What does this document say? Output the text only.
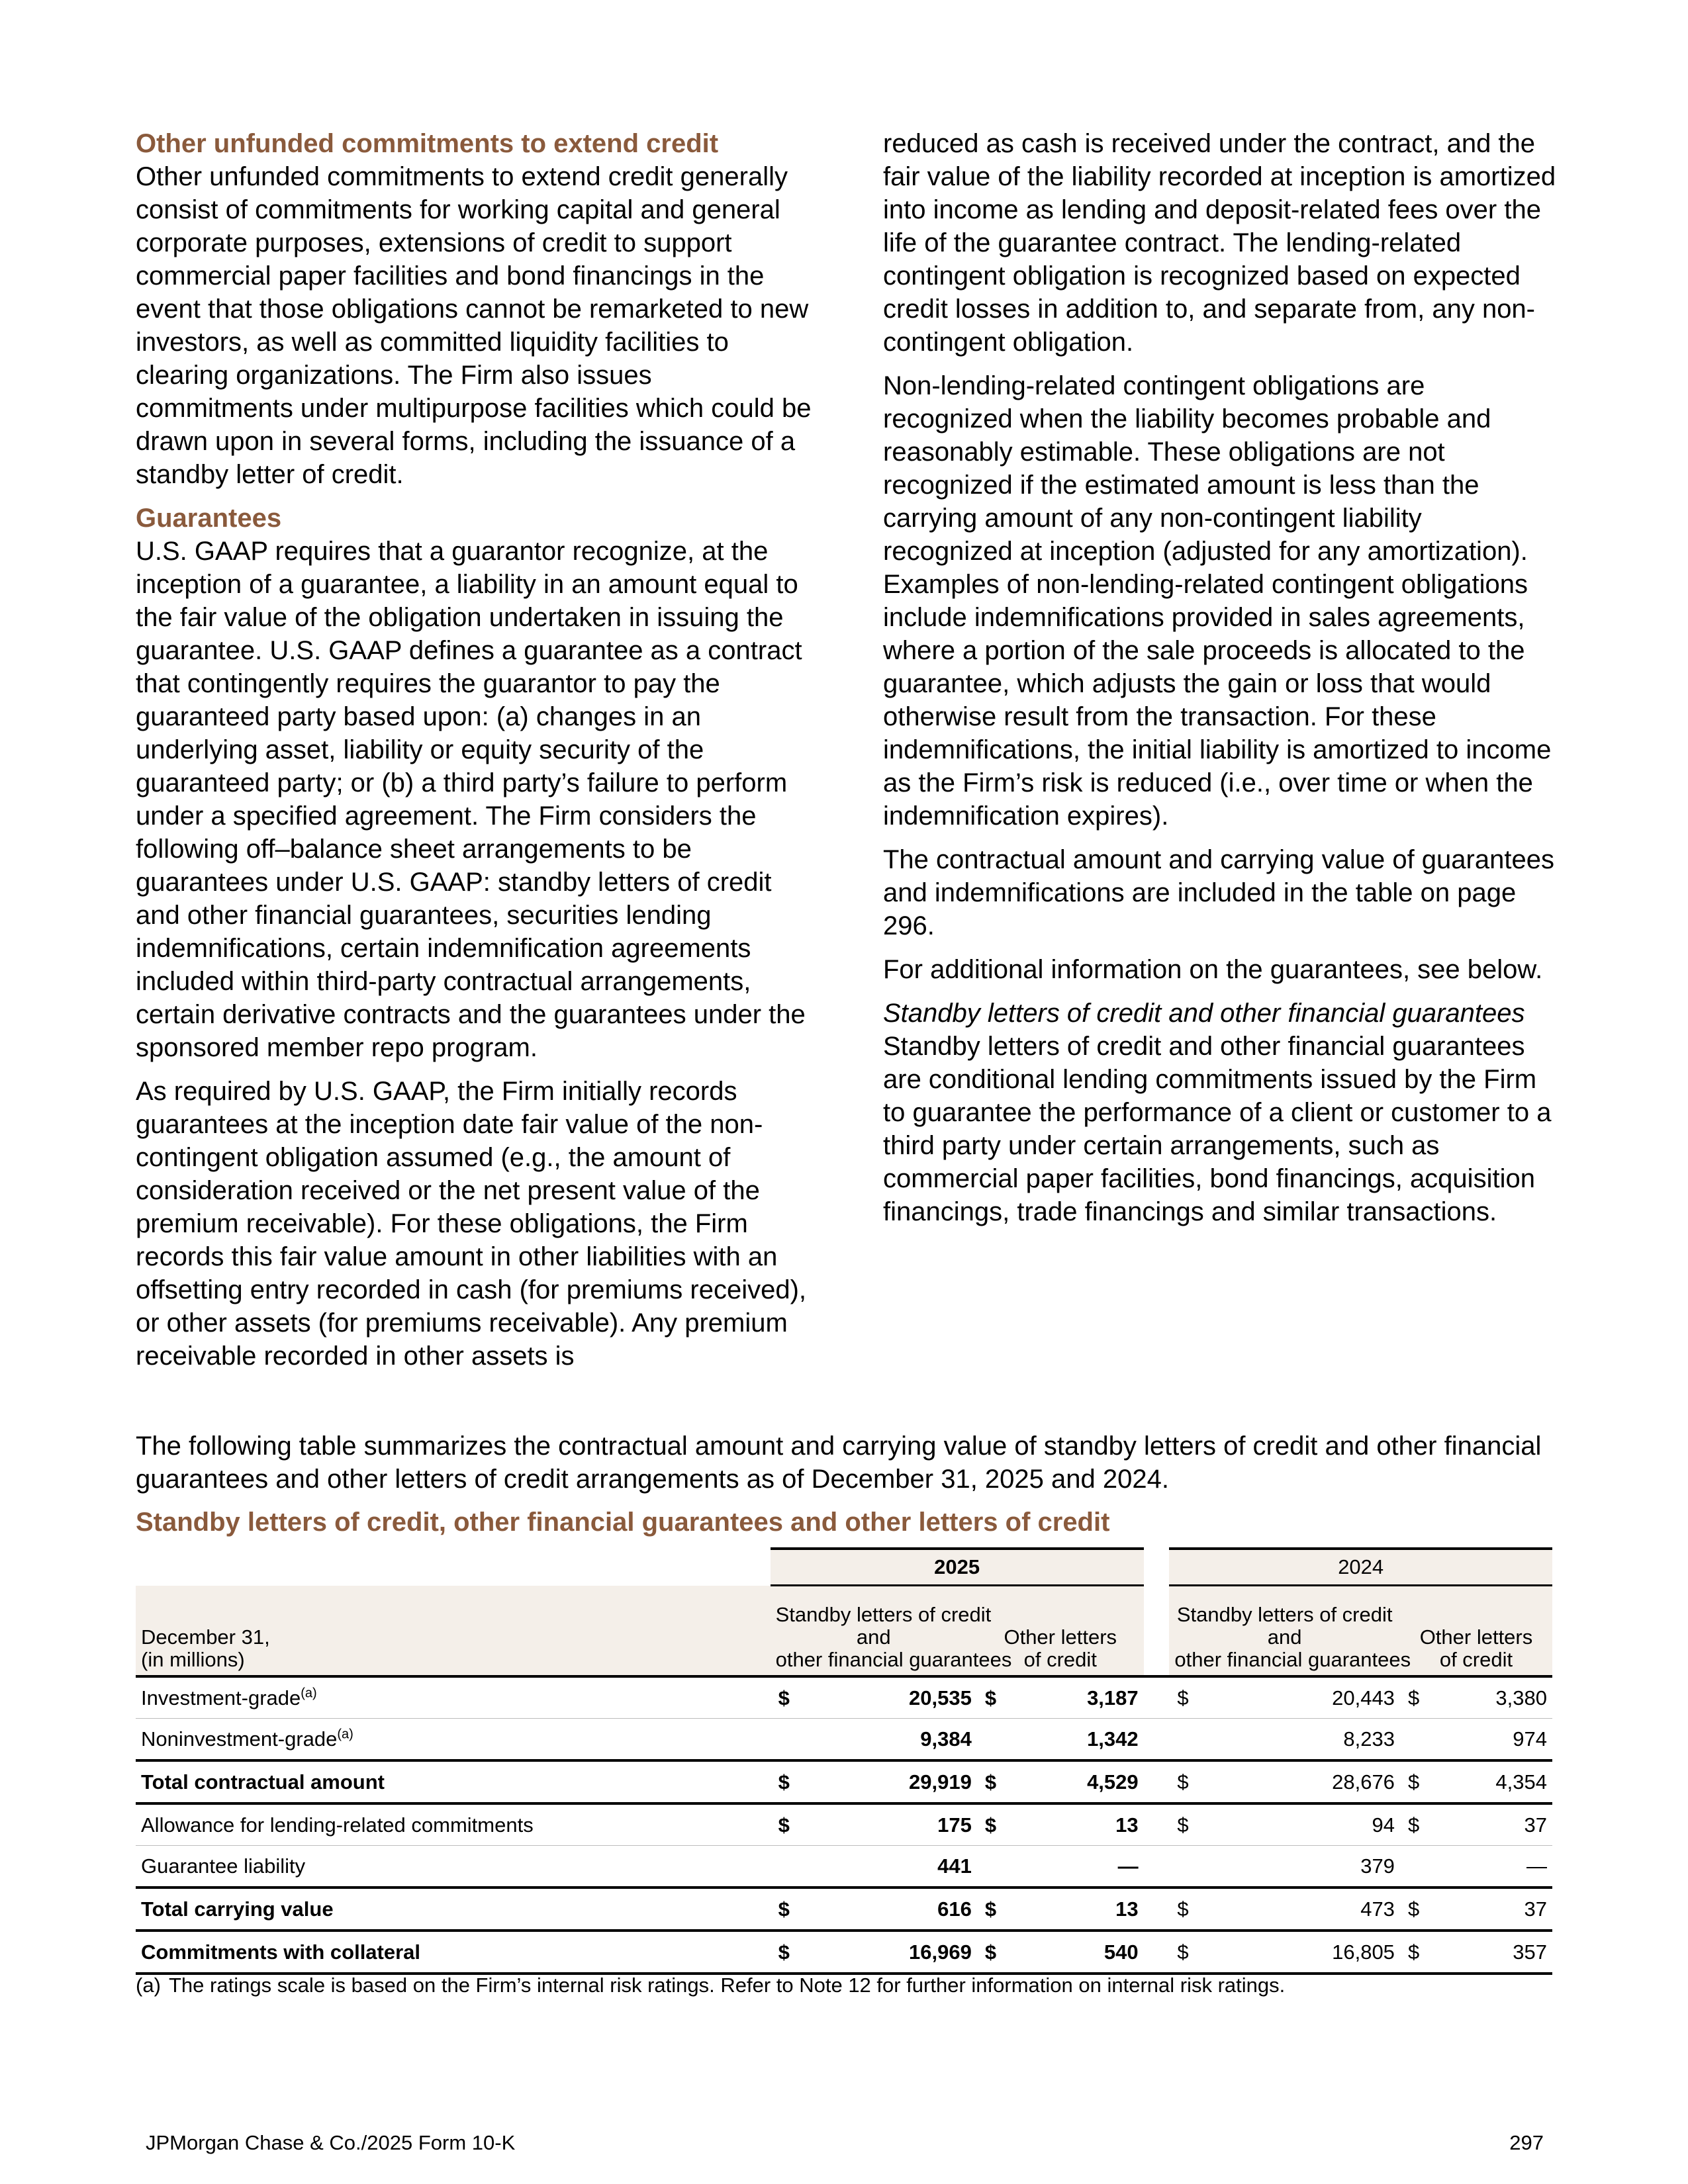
Other unfunded commitments to extend credit
Other unfunded commitments to extend credit generally consist of commitments for working capital and general corporate purposes, extensions of credit to support commercial paper facilities and bond financings in the event that those obligations cannot be remarketed to new investors, as well as committed liquidity facilities to clearing organizations. The Firm also issues commitments under multipurpose facilities which could be drawn upon in several forms, including the issuance of a standby letter of credit.

Guarantees
U.S. GAAP requires that a guarantor recognize, at the inception of a guarantee, a liability in an amount equal to the fair value of the obligation undertaken in issuing the guarantee. U.S. GAAP defines a guarantee as a contract that contingently requires the guarantor to pay the guaranteed party based upon: (a) changes in an underlying asset, liability or equity security of the guaranteed party; or (b) a third party’s failure to perform under a specified agreement. The Firm considers the following off–balance sheet arrangements to be guarantees under U.S. GAAP: standby letters of credit and other financial guarantees, securities lending indemnifications, certain indemnification agreements included within third-party contractual arrangements, certain derivative contracts and the guarantees under the sponsored member repo program.

As required by U.S. GAAP, the Firm initially records guarantees at the inception date fair value of the non-contingent obligation assumed (e.g., the amount of consideration received or the net present value of the premium receivable). For these obligations, the Firm records this fair value amount in other liabilities with an offsetting entry recorded in cash (for premiums received), or other assets (for premiums receivable). Any premium receivable recorded in other assets is

reduced as cash is received under the contract, and the fair value of the liability recorded at inception is amortized into income as lending and deposit-related fees over the life of the guarantee contract. The lending-related contingent obligation is recognized based on expected credit losses in addition to, and separate from, any non-contingent obligation.

Non-lending-related contingent obligations are recognized when the liability becomes probable and reasonably estimable. These obligations are not recognized if the estimated amount is less than the carrying amount of any non-contingent liability recognized at inception (adjusted for any amortization). Examples of non-lending-related contingent obligations include indemnifications provided in sales agreements, where a portion of the sale proceeds is allocated to the guarantee, which adjusts the gain or loss that would otherwise result from the transaction. For these indemnifications, the initial liability is amortized to income as the Firm’s risk is reduced (i.e., over time or when the indemnification expires).

The contractual amount and carrying value of guarantees and indemnifications are included in the table on page 296.

For additional information on the guarantees, see below.

Standby letters of credit and other financial guarantees
Standby letters of credit and other financial guarantees are conditional lending commitments issued by the Firm to guarantee the performance of a client or customer to a third party under certain arrangements, such as commercial paper facilities, bond financings, acquisition financings, trade financings and similar transactions.

The following table summarizes the contractual amount and carrying value of standby letters of credit and other financial guarantees and other letters of credit arrangements as of December 31, 2025 and 2024.

Standby letters of credit, other financial guarantees and other letters of credit

	2025					2024			
December 31,
(in millions)	Standby letters of credit
and
other financial guarantees		Other letters
of credit			Standby letters of credit
and
other financial guarantees		Other letters
of credit	
Investment-grade$^{(a)}$	$	20,535	$	3,187		$	20,443	$	3,380
Noninvestment-grade$^{(a)}$		9,384		1,342			8,233		974
Total contractual amount	$	29,919	$	4,529		$	28,676	$	4,354
Allowance for lending-related commitments	$	175	$	13		$	94	$	37
Guarantee liability		441		—			379		—
Total carrying value	$	616	$	13		$	473	$	37
Commitments with collateral	$	16,969	$	540		$	16,805	$	357

(a) The ratings scale is based on the Firm’s internal risk ratings. Refer to Note 12 for further information on internal risk ratings.

JPMorgan Chase & Co./2025 Form 10-K	297
